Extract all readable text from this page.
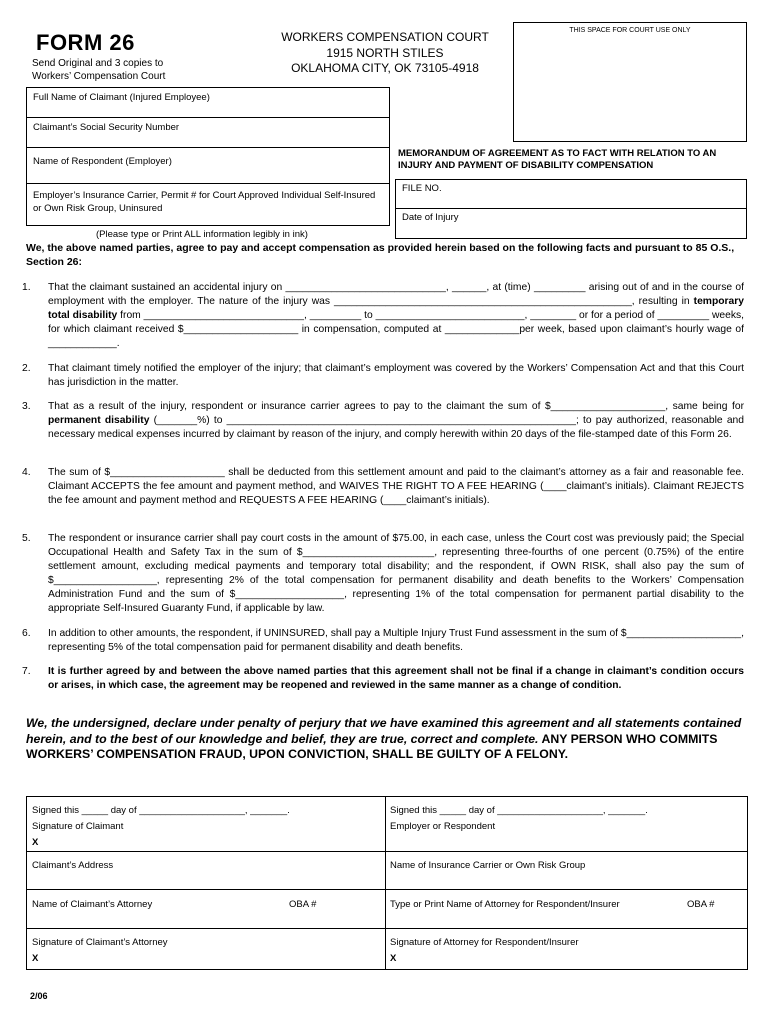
FORM 26
Send Original and 3 copies to
Workers’ Compensation Court
WORKERS COMPENSATION COURT
1915 NORTH STILES
OKLAHOMA CITY, OK 73105-4918
THIS SPACE FOR COURT USE ONLY
Full Name of Claimant (Injured Employee)
Claimant’s Social Security Number
Name of Respondent (Employer)
Employer’s Insurance Carrier, Permit # for Court Approved Individual Self-Insured or Own Risk Group, Uninsured
MEMORANDUM OF AGREEMENT AS TO FACT WITH RELATION TO AN INJURY AND PAYMENT OF DISABILITY COMPENSATION
FILE NO.
Date of Injury
(Please type or Print ALL information legibly in ink)
We, the above named parties, agree to pay and accept compensation as provided herein based on the following facts and pursuant to 85 O.S., Section 26:
1.	That the claimant sustained an accidental injury on ____________________________, ______, at (time) _________ arising out of and in the course of employment with the employer. The nature of the injury was ____________________________________________________, resulting in temporary total disability from ____________________________, _________ to __________________________, ________ or for a period of _________ weeks, for which claimant received $____________________ in compensation, computed at _____________per week, based upon claimant’s hourly wage of ____________.
2.	That claimant timely notified the employer of the injury; that claimant’s employment was covered by the Workers’ Compensation Act and that this Court has jurisdiction in the matter.
3.	That as a result of the injury, respondent or insurance carrier agrees to pay to the claimant the sum of $____________________, same being for permanent disability (_______%) to _____________________________________________________________; to pay authorized, reasonable and necessary medical expenses incurred by claimant by reason of the injury, and comply herewith within 20 days of the file-stamped date of this Form 26.
4.	The sum of $____________________ shall be deducted from this settlement amount and paid to the claimant’s attorney as a fair and reasonable fee. Claimant ACCEPTS the fee amount and payment method, and WAIVES THE RIGHT TO A FEE HEARING (____claimant’s initials). Claimant REJECTS the fee amount and payment method and REQUESTS A FEE HEARING (____claimant’s initials).
5.	The respondent or insurance carrier shall pay court costs in the amount of $75.00, in each case, unless the Court cost was previously paid; the Special Occupational Health and Safety Tax in the sum of $_______________________, representing three-fourths of one percent (0.75%) of the entire settlement amount, excluding medical payments and temporary total disability; and the respondent, if OWN RISK, shall also pay the sum of $__________________, representing 2% of the total compensation for permanent disability and death benefits to the Workers’ Compensation Administration Fund and the sum of $___________________, representing 1% of the total compensation for permanent partial disability to the appropriate Self-Insured Guaranty Fund, if applicable by law.
6.	In addition to other amounts, the respondent, if UNINSURED, shall pay a Multiple Injury Trust Fund assessment in the sum of $____________________, representing 5% of the total compensation paid for permanent disability and death benefits.
7.	It is further agreed by and between the above named parties that this agreement shall not be final if a change in claimant’s condition occurs or arises, in which case, the agreement may be reopened and reviewed in the same manner as a change of condition.
We, the undersigned, declare under penalty of perjury that we have examined this agreement and all statements contained herein, and to the best of our knowledge and belief, they are true, correct and complete. ANY PERSON WHO COMMITS WORKERS’ COMPENSATION FRAUD, UPON CONVICTION, SHALL BE GUILTY OF A FELONY.
Signed this _____ day of ____________________, _______.
Signature of Claimant
X
Signed this _____ day of ____________________, _______.
Employer or Respondent
Claimant’s Address	Name of Insurance Carrier or Own Risk Group
Name of Claimant’s Attorney	OBA #	Type or Print Name of Attorney for Respondent/Insurer	OBA #
Signature of Claimant’s Attorney
X
Signature of Attorney for Respondent/Insurer
X
2/06
